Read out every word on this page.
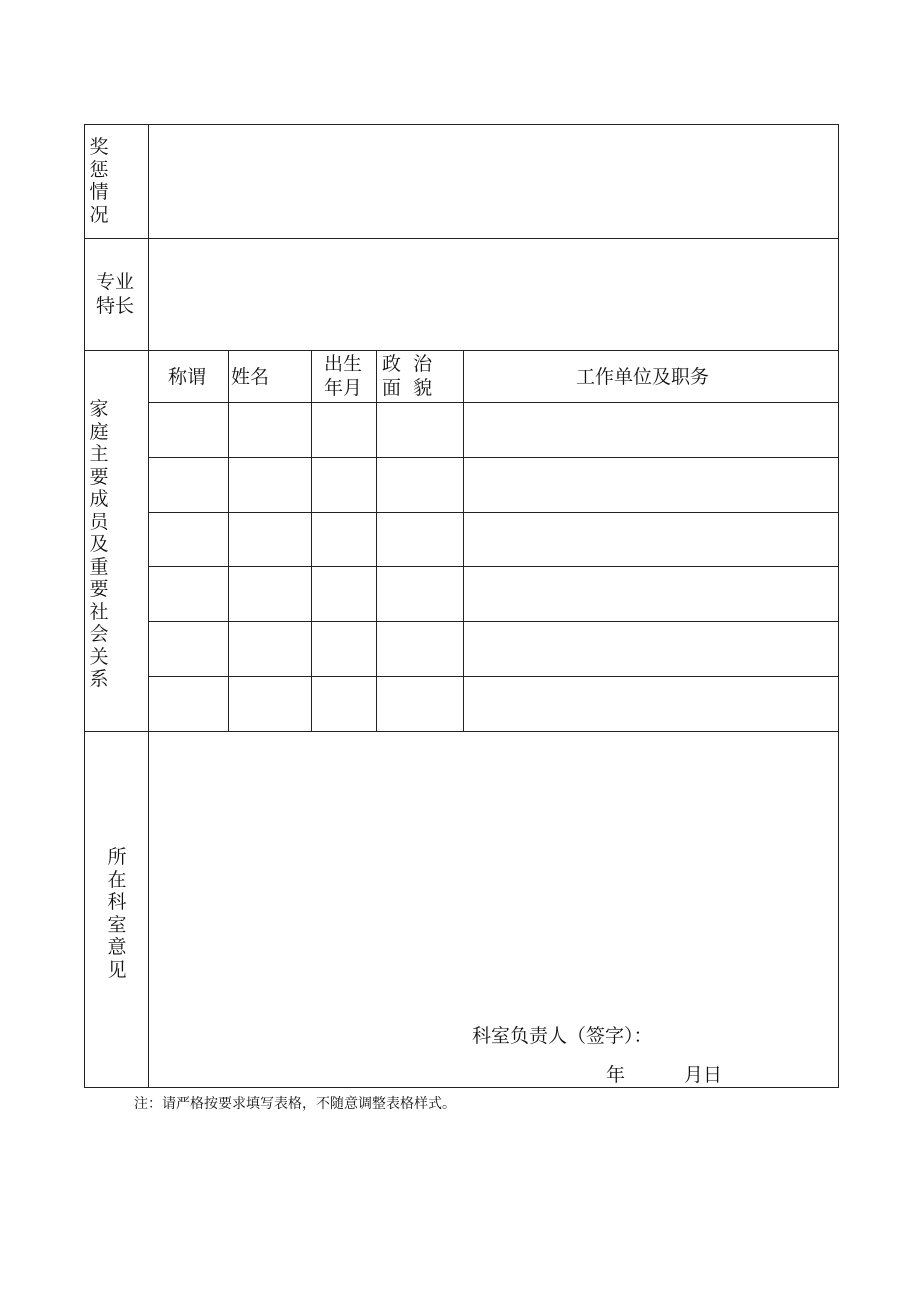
奖惩情况
专业
特长
家庭主要成员及重要社会关系
所在科室意见
称谓 姓名
出生
年月
政  治
面  貌	工作单位及职务
科室负责人（签字）：
年	月日
注：请严格按要求填写表格，不随意调整表格样式。
